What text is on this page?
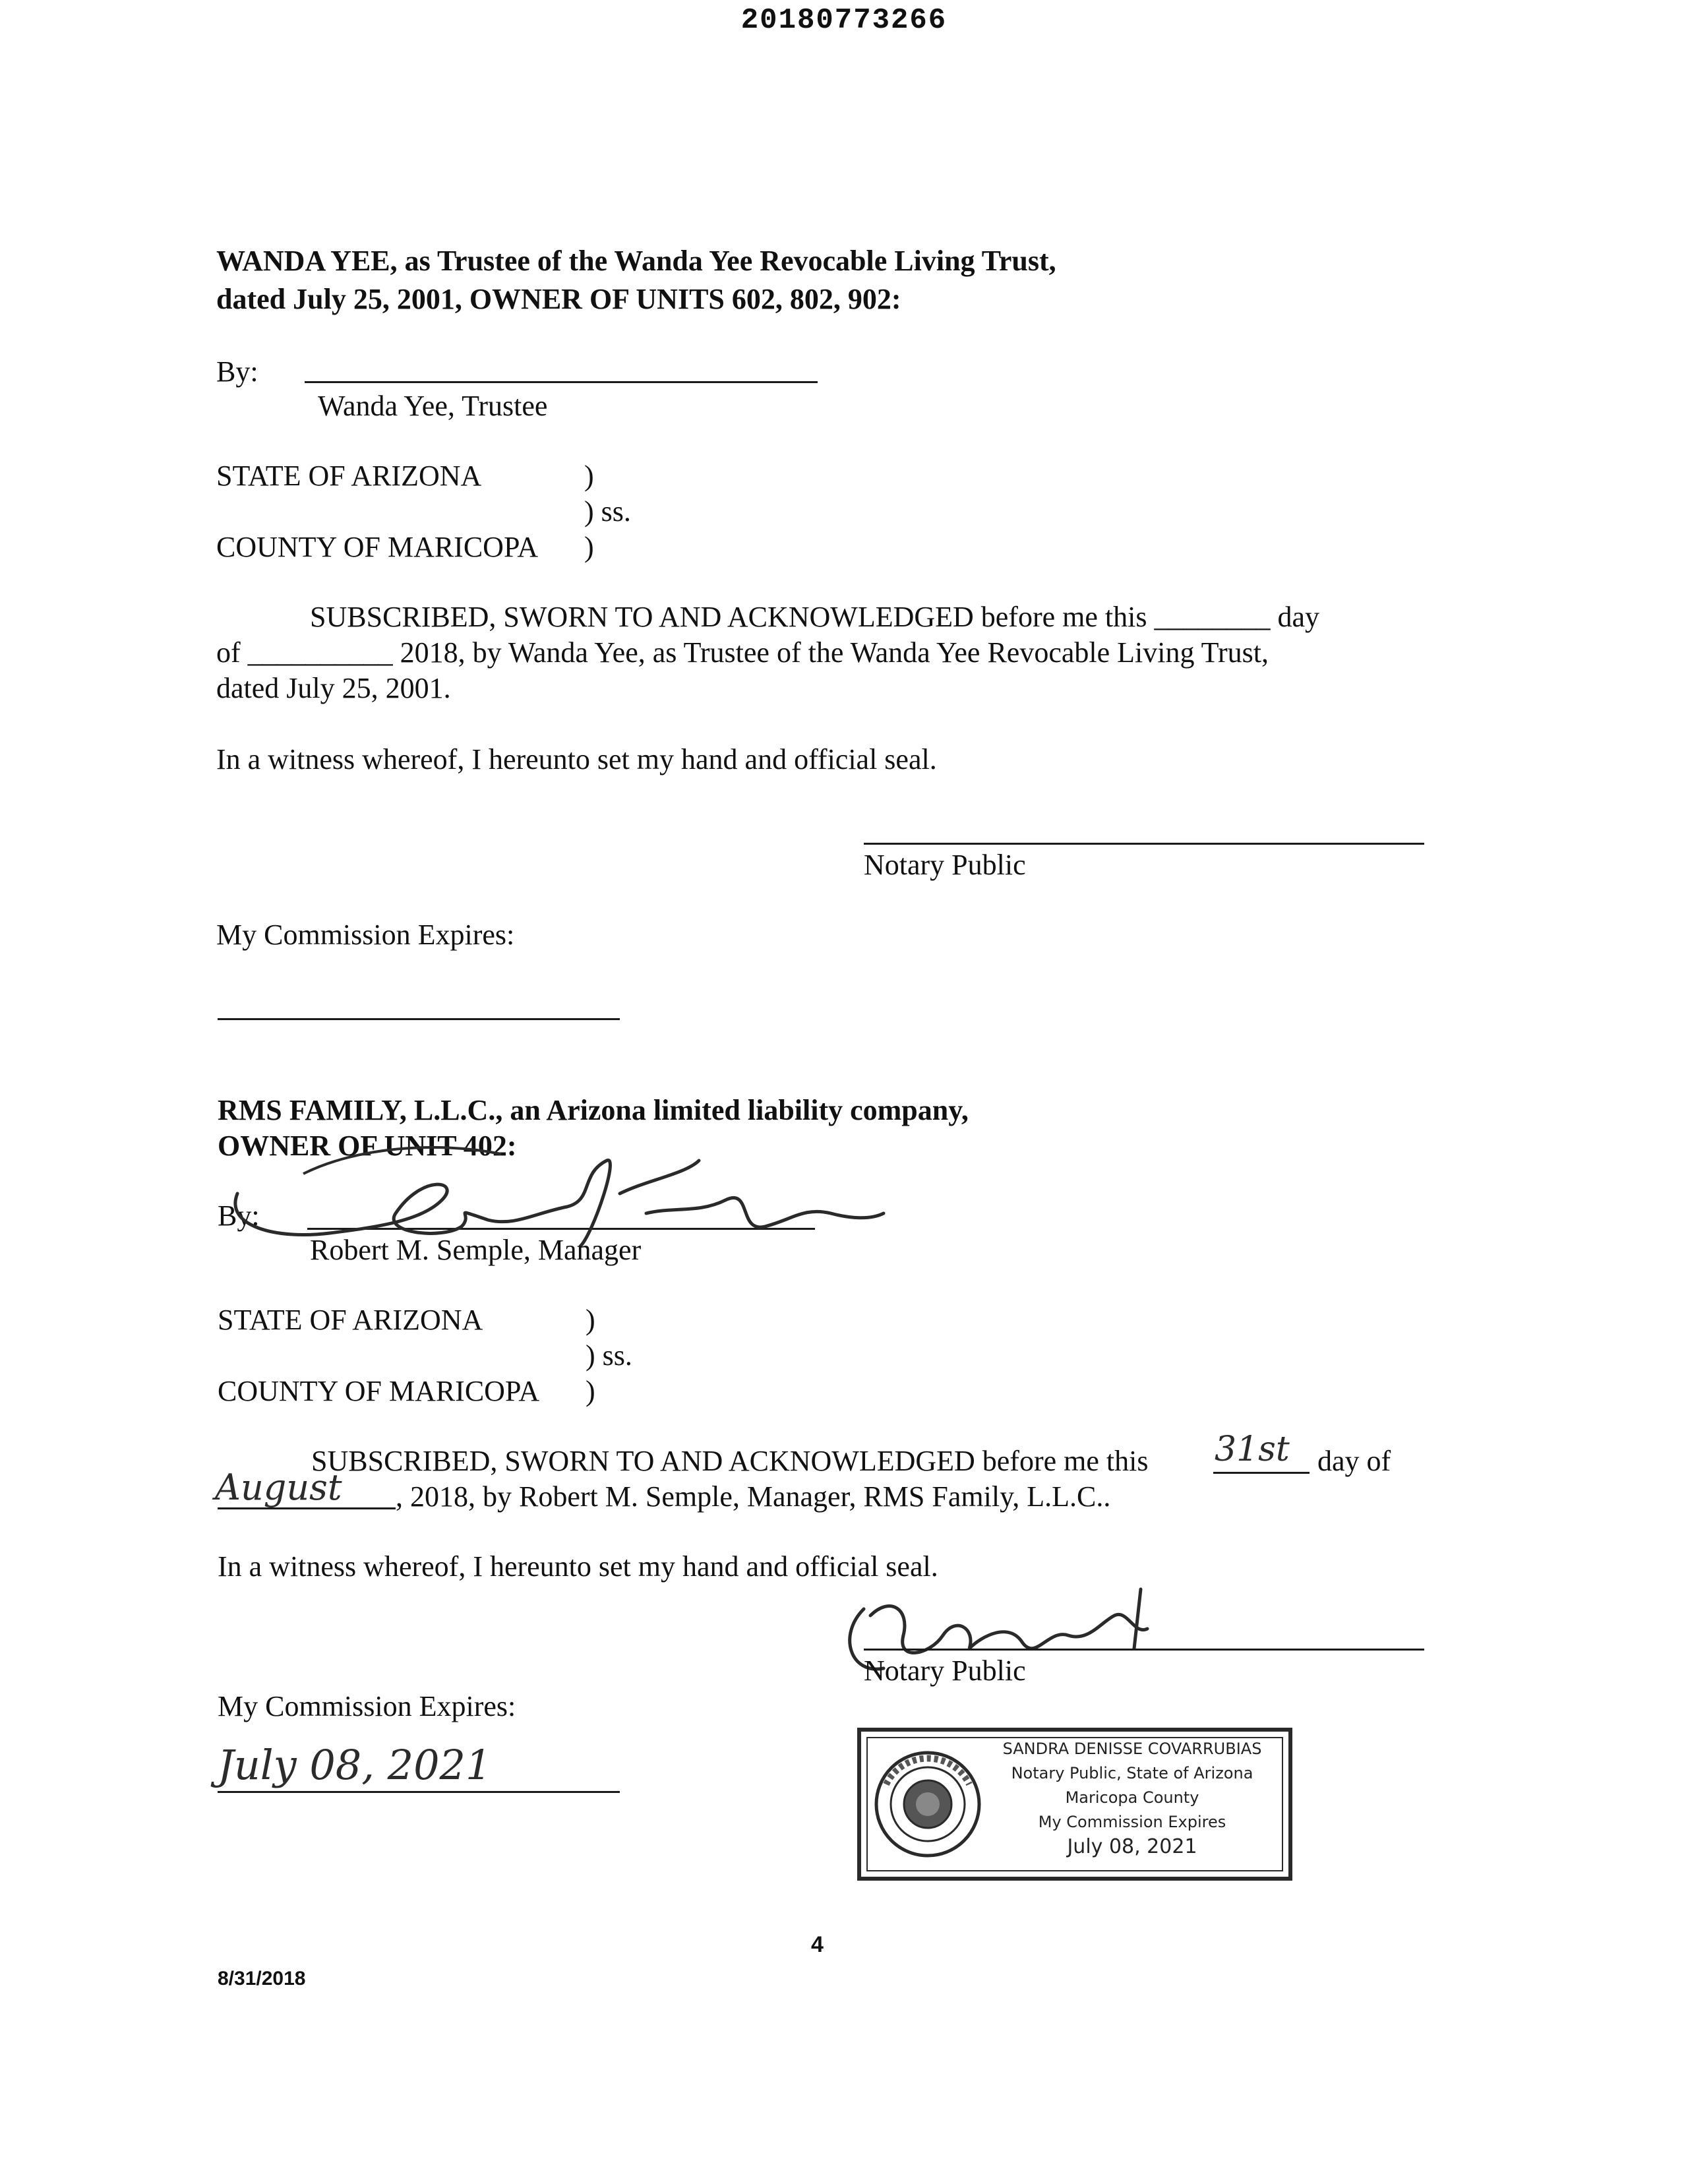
20180773266
WANDA YEE, as Trustee of the Wanda Yee Revocable Living Trust,
dated July 25, 2001, OWNER OF UNITS 602, 802, 902:
By:
Wanda Yee, Trustee
STATE OF ARIZONA	)
) ss.
COUNTY OF MARICOPA )
SUBSCRIBED, SWORN TO AND ACKNOWLEDGED before me this ________ day
of __________ 2018, by Wanda Yee, as Trustee of the Wanda Yee Revocable Living Trust,
dated July 25, 2001.
In a witness whereof, I hereunto set my hand and official seal.
Notary Public
My Commission Expires:
RMS FAMILY, L.L.C., an Arizona limited liability company,
OWNER OF UNIT 402:
By:
Robert M. Semple, Manager
STATE OF ARIZONA	)
) ss.
COUNTY OF MARICOPA )
SUBSCRIBED, SWORN TO AND ACKNOWLEDGED before me this 31st day of
August , 2018, by Robert M. Semple, Manager, RMS Family, L.L.C..
In a witness whereof, I hereunto set my hand and official seal.
Notary Public
My Commission Expires:
July 08, 2021	SANDRA DENISSE COVARRUBIAS
Notary Public, State of Arizona
Maricopa County
My Commission Expires
July 08, 2021
4
8/31/2018
